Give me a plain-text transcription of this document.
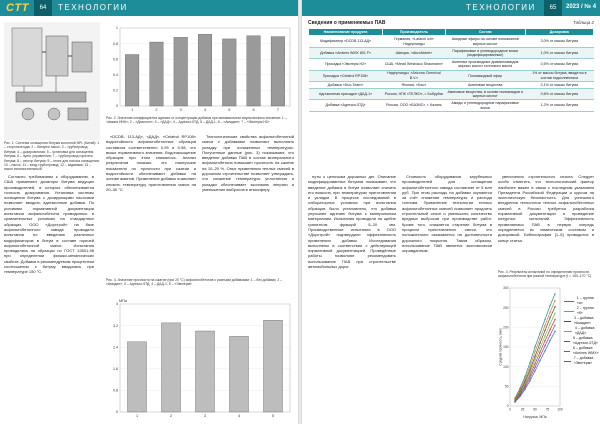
CTT	64	ТЕХНОЛОГИИ
Рис. 1. Система оснащения битума колонной NPL (Китай): 1 – сторона входа; 2 – батарея насос; 3 – трубопровод битума; 4 – дозировочная; 5 – установка для оснащения битума; 6 – пульт управления; 7 – трубопровод горячего битума; 8 – сектор битума; 9 – отсек для насоса оснащения; 10 – насос; 11 – вход-трубопровод; 12 – задвижка; 13 – насос вспомогательный
0
0.2
0.4
0.6
0.8
1
1	2	3	4	5	6	7
Рис. 2. Значение коэффициента адгезии от концентрации добавок при минимальном эмульсионном значении: 1 – «Амини ИНК»; 2 – «Диаслон»; 3 – «ДАД»; 4 – Адгезол-5ТД; 5 – ДАД-1; 6 – «Амидин»; 7 – «Эвотерм Н2»

Согласно требованиям к оборудованию, в США применяют дозаторы битума ведущих производителей, в которых обеспечивается точность дозирования. Установка системы оснащения битума с дозирующими насосами позволяет вводить адгезионные добавки. По условиям нормативной документации испытания асфальтобетона проводились в сравнительных условиях на стандартных образцах. ООО «Дорстрой» на базе асфальтобетонного завода проводило испытания по введению различных модификаторов в битум в составе горячей асфальтобетонной смеси. Испытания проводились на образцах по ГОСТ 12801-98 при определении физико-механических свойств. Добавки в рекомендуемом процентном соотношении к битуму вводились при температуре 150 °С.

«DCDB- 113-AД», «ДАД», «Celatrol RP108» водостойкость асфальтобетонных образцов составила соответственно 0,95 и 0,98, что выше нормативного значения. Водонасыщение образцов при этом снижалось. Анализ результатов показал, что наилучшие показатели по прочности при сжатии и водостойкости обеспечивают добавки на основе аминов. Применение добавок позволяет снизить температуру приготовления смеси на 20–30 °С.

Технологические свойства асфальтобетонной смеси с добавками позволяют выполнять укладку при пониженных температурах. Полученные данные (рис. 3) показывают, что введение добавки ПАВ в состав минерального асфальтобетона повышает прочность на сжатие на 10–20 %. Опыт применения теплых смесей в дорожном строительстве позволяет утверждать, что снижение температуры уплотнения и укладки обеспечивает экономию энергии и уменьшение выбросов в атмосферу.

Рис. 3. Значение прочности на сжатие (при 20 °С) асфальтобетонов с разными добавками: 1 – без добавки; 2 – «Амидин»; 3 – Адгезол-5ТД; 4 – ДАД-1; 5 – «Эвотерм»
0
0.8
1.6
2.4
3.2
4
МПа
1	2	3	4	5
ТЕХНОЛОГИИ	65	2023 / № 4
Сведения о применяемых ПАВ	Таблица 2
Наименование продукта	Производитель	Состав	Дозировка
Модификатор «DCDB 113-AД»	Германия, «Lafarch ich» Нидерланды	Амидные эфиры на основе полиаминов жирных кислот	3,0% от массы битума
Добавка «Amines WMX 801 F»	Швеция, «AkzoNobel»	Парафиновые и углеводородные воски (модифицированные)	1,0% от массы битума
Присадка «Эвотерм Н2»	США, «Mead Westvaco Shaumann»	Аминные производные диаминоамидов жирных кислот таллового масла	0,5% от массы битума
Присадка «Celatrol RP108»	Нидерланды, «Arizona Chemical B.V.»	Полиамидный эфир	1% от массы битума, вводится в состав подсолнечника
Добавка «Duo-Team»	Япония, «Kao»	Аминовые вещества	0,1% от массы битума
Адгезионная присадка «ДАД-1»	Россия, НПК «ТЕЛКО», г. Бобруйск	Аминовые вещества, в основе полиамидов и жирных кислот	0,6% от массы битума
Добавка «Адгезол-5ТД»	Россия, ООО «БАЗИС», г. Казань	Амиды и углеводородные парафиновые воски	1,2% от массы битума

нуты к цепочкам дорожных дег. Описание модифицированных битумов показывает, что введение добавок в битум позволяет снизить его вязкость при температурах приготовления и укладки. В процессе исследований в лабораторных условиях при испытании образцов было установлено, что добавки улучшают адгезию битума к минеральным материалам. Испытания проводили на щебне гранитном фракций 5–20 мм. Производственные испытания в ООО «Дорстрой» подтвердили эффективность применения добавок. Исследования выполнены в соответствии с действующей нормативной документацией. Проведённые работы позволяют рекомендовать использование ПАВ при строительстве автомобильных дорог.

Стоимость оборудования зарубежных производителей для оснащения асфальтобетонного завода составляет от 5 млн руб. При этом расходы на добавки окупаются за счёт снижения температуры и расхода топлива. Применение технологии теплых асфальтобетонных смесей позволяет продлить строительный сезон и уменьшить количество вредных выбросов при производстве работ. Кроме того, снижается старение битума в процессе приготовления смеси, что положительно сказывается на долговечности дорожного покрытия. Таким образом, использование ПАВ является экономически оправданным.

увеличения строительного сезона. Следует особо отметить, что технологический фактор наиболее важен в связи с последним указанием Президента Российской Федерации и курсом на экологическую безопасность. Для успешного внедрения технологии теплых асфальтобетонных смесей в России требуется разработка нормативной документации и проведение натурных испытаний. Эффективность применяемых ПАВ в первую очередь определяется их химическим составом и дозировкой. Библиография [1–5] приводится в конце статьи.

Рис. 4. Результаты испытаний по определению прочности асфальтобетонов при разной температуре (t = 150–170 °С)
0
50
100
150
200
250
300
0	25	50	75	100
Нагрузка, МПа
Средняя прочность, (мм)
1 – группа «а»
2 – группа «б»
3 – добавка «Амидин»
4 – добавка «ДАД»
5 – добавка «Адгезол-5ТД»
6 – добавка «Amines WMX»
7 – добавка «Эвотерм»
